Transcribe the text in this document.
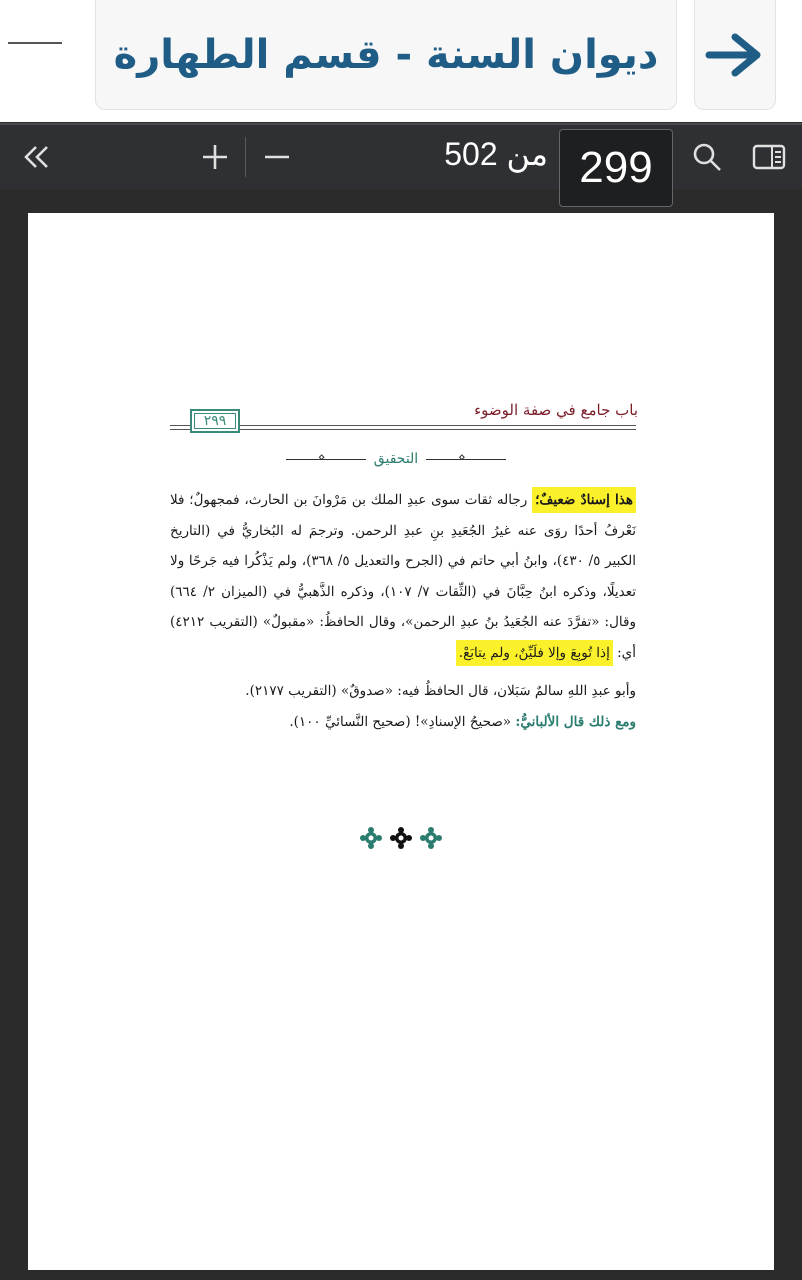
ديوان السنة - قسم الطهارة
من 502 299
باب جامع في صفة الوضوء
٢٩٩
⋄
التحقيق
⋄

هذا إسنادٌ ضعيفٌ؛ رجاله ثقات سوى عبدِ الملك بن مَرْوانَ بن الحارث، فمجهولٌ؛ فلا نَعْرفُ أحدًا روَى عنه غيرُ الجُعَيدِ بنِ عبدِ الرحمن. وترجمَ له البُخاريُّ في (التاريخ الكبير ٥/ ٤٣٠)، وابنُ أبي حاتم في (الجرح والتعديل ٥/ ٣٦٨)، ولم يَذْكُرا فيه جَرحًا ولا تعديلًا، وذكره ابنُ حِبَّانَ في (الثِّقات ٧/ ١٠٧)، وذكره الذَّهبيُّ في (الميزان ٢/ ٦٦٤) وقال: «تفرَّدَ عنه الجُعَيدُ بنُ عبدِ الرحمن»، وقال الحافظُ: «مقبولٌ» (التقريب ٤٢١٢) أي: إذا تُوبِعَ وإلا فلَيِّنٌ، ولم يتابَعْ.

وأبو عبدِ اللهِ سالمٌ سَبَلان، قال الحافظُ فيه: «صدوقٌ» (التقريب ٢١٧٧).

ومع ذلك قال الألبانيُّ: «صحيحُ الإسنادِ»! (صحيح النَّسائيِّ ١٠٠).
